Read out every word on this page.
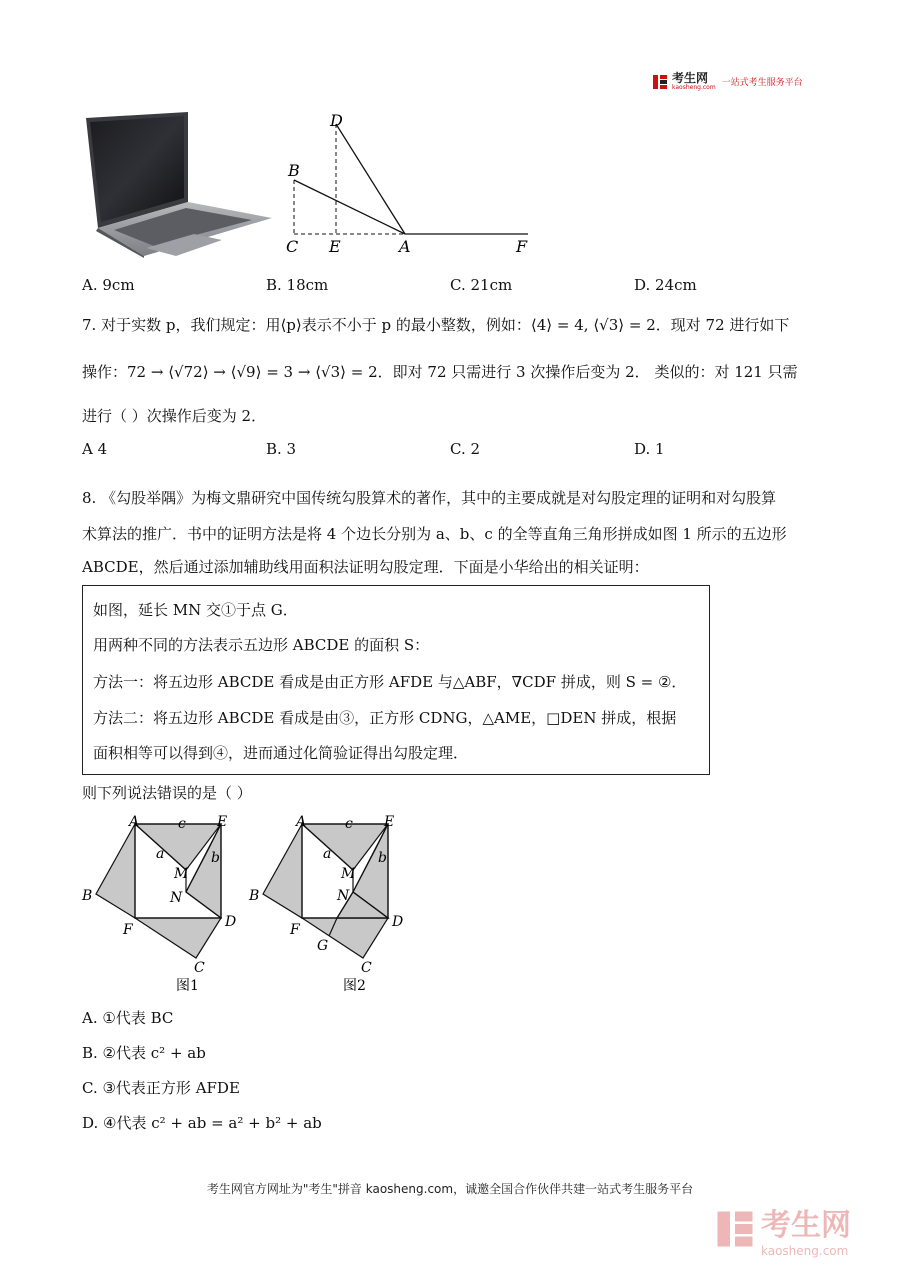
考生网
kaosheng.com 一站式考生服务平台
D
B
C E	A	F
A. 9cm	B. 18cm	C. 21cm	D. 24cm
7. 对于实数 p，我们规定：用⟨p⟩表示不小于 p 的最小整数，例如：⟨4⟩ = 4, ⟨√3⟩ = 2．现对 72 进行如下
操作：72 → ⟨√72⟩ → ⟨√9⟩ = 3 → ⟨√3⟩ = 2．即对 72 只需进行 3 次操作后变为 2． 类似的：对 121 只需
进行（ ）次操作后变为 2．
A 4	B. 3	C. 2	D. 1
8. 《勾股举隅》为梅文鼎研究中国传统勾股算术的著作，其中的主要成就是对勾股定理的证明和对勾股算
术算法的推广．书中的证明方法是将 4 个边长分别为 a、b、c 的全等直角三角形拼成如图 1 所示的五边形
ABCDE，然后通过添加辅助线用面积法证明勾股定理．下面是小华给出的相关证明：
如图，延长 MN 交①于点 G．
用两种不同的方法表示五边形 ABCDE 的面积 S：
方法一：将五边形 ABCDE 看成是由正方形 AFDE 与△ABF，∇CDF 拼成，则 S = ②．
方法二：将五边形 ABCDE 看成是由③，正方形 CDNG，△AME，□DEN 拼成，根据
面积相等可以得到④，进而通过化简验证得出勾股定理．
则下列说法错误的是（ ）
A	c E
a	b
M
N
B
F	D
C
图1
A	c E
a	b
M
N
B
F
G
D
C
图2
A. ①代表 BC
B. ②代表 c² + ab
C. ③代表正方形 AFDE
D. ④代表 c² + ab = a² + b² + ab
考生网官方网址为"考生"拼音 kaosheng.com，诚邀全国合作伙伴共建一站式考生服务平台
考生网
kaosheng.com
